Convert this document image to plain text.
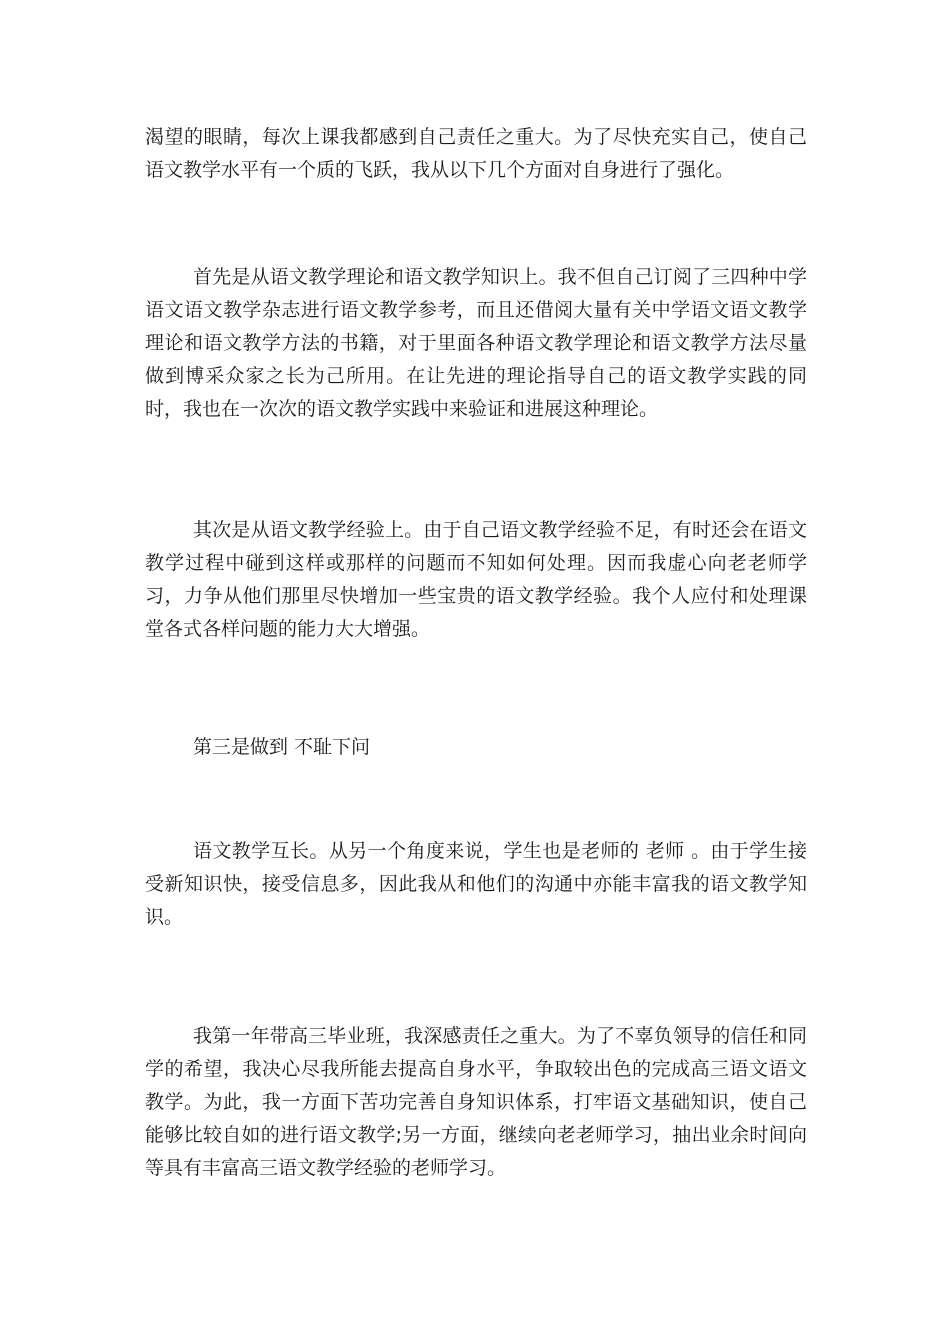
渴望的眼睛，每次上课我都感到自己责任之重大。为了尽快充实自己，使自己语文教学水平有一个质的飞跃，我从以下几个方面对自身进行了强化。

首先是从语文教学理论和语文教学知识上。我不但自己订阅了三四种中学语文语文教学杂志进行语文教学参考，而且还借阅大量有关中学语文语文教学理论和语文教学方法的书籍，对于里面各种语文教学理论和语文教学方法尽量做到博采众家之长为己所用。在让先进的理论指导自己的语文教学实践的同时，我也在一次次的语文教学实践中来验证和进展这种理论。

其次是从语文教学经验上。由于自己语文教学经验不足，有时还会在语文教学过程中碰到这样或那样的问题而不知如何处理。因而我虚心向老老师学习，力争从他们那里尽快增加一些宝贵的语文教学经验。我个人应付和处理课堂各式各样问题的能力大大增强。

第三是做到 不耻下问

语文教学互长。从另一个角度来说，学生也是老师的 老师 。由于学生接受新知识快，接受信息多，因此我从和他们的沟通中亦能丰富我的语文教学知识。

我第一年带高三毕业班，我深感责任之重大。为了不辜负领导的信任和同学的希望，我决心尽我所能去提高自身水平，争取较出色的完成高三语文语文教学。为此，我一方面下苦功完善自身知识体系，打牢语文基础知识，使自己能够比较自如的进行语文教学;另一方面，继续向老老师学习，抽出业余时间向等具有丰富高三语文教学经验的老师学习。
